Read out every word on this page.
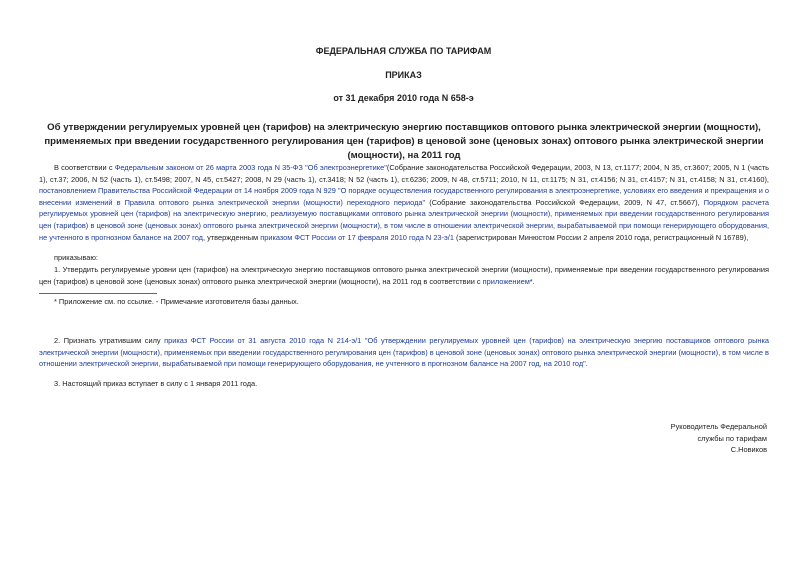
ФЕДЕРАЛЬНАЯ СЛУЖБА ПО ТАРИФАМ
ПРИКАЗ
от 31 декабря 2010 года N 658-э
Об утверждении регулируемых уровней цен (тарифов) на электрическую энергию поставщиков оптового рынка электрической энергии (мощности), применяемых при введении государственного регулирования цен (тарифов) в ценовой зоне (ценовых зонах) оптового рынка электрической энергии (мощности), на 2011 год
В соответствии с Федеральным законом от 26 марта 2003 года N 35-ФЗ "Об электроэнергетике"(Собрание законодательства Российской Федерации, 2003, N 13, ст.1177; 2004, N 35, ст.3607; 2005, N 1 (часть 1), ст.37; 2006, N 52 (часть 1), ст.5498; 2007, N 45, ст.5427; 2008, N 29 (часть 1), ст.3418; N 52 (часть 1), ст.6236; 2009, N 48, ст.5711; 2010, N 11, ст.1175; N 31, ст.4156; N 31, ст.4157; N 31, ст.4158; N 31, ст.4160), постановлением Правительства Российской Федерации от 14 ноября 2009 года N 929 "О порядке осуществления государственного регулирования в электроэнергетике, условиях его введения и прекращения и о внесении изменений в Правила оптового рынка электрической энергии (мощности) переходного периода" (Собрание законодательства Российской Федерации, 2009, N 47, ст.5667), Порядком расчета регулируемых уровней цен (тарифов) на электрическую энергию, реализуемую поставщиками оптового рынка электрической энергии (мощности), применяемых при введении государственного регулирования цен (тарифов) в ценовой зоне (ценовых зонах) оптового рынка электрической энергии (мощности), в том числе в отношении электрической энергии, вырабатываемой при помощи генерирующего оборудования, не учтенного в прогнозном балансе на 2007 год, утвержденным приказом ФСТ России от 17 февраля 2010 года N 23-э/1 (зарегистрирован Минюстом России 2 апреля 2010 года, регистрационный N 16789),
приказываю:
1. Утвердить регулируемые уровни цен (тарифов) на электрическую энергию поставщиков оптового рынка электрической энергии (мощности), применяемые при введении государственного регулирования цен (тарифов) в ценовой зоне (ценовых зонах) оптового рынка электрической энергии (мощности), на 2011 год в соответствии с приложением*.
* Приложение см. по ссылке. - Примечание изготовителя базы данных.
2. Признать утратившим силу приказ ФСТ России от 31 августа 2010 года N 214-э/1 "Об утверждении регулируемых уровней цен (тарифов) на электрическую энергию поставщиков оптового рынка электрической энергии (мощности), применяемых при введении государственного регулирования цен (тарифов) в ценовой зоне (ценовых зонах) оптового рынка электрической энергии (мощности), в том числе в отношении электрической энергии, вырабатываемой при помощи генерирующего оборудования, не учтенного в прогнозном балансе на 2007 год, на 2010 год".
3. Настоящий приказ вступает в силу с 1 января 2011 года.
Руководитель Федеральной
службы по тарифам
С.Новиков
